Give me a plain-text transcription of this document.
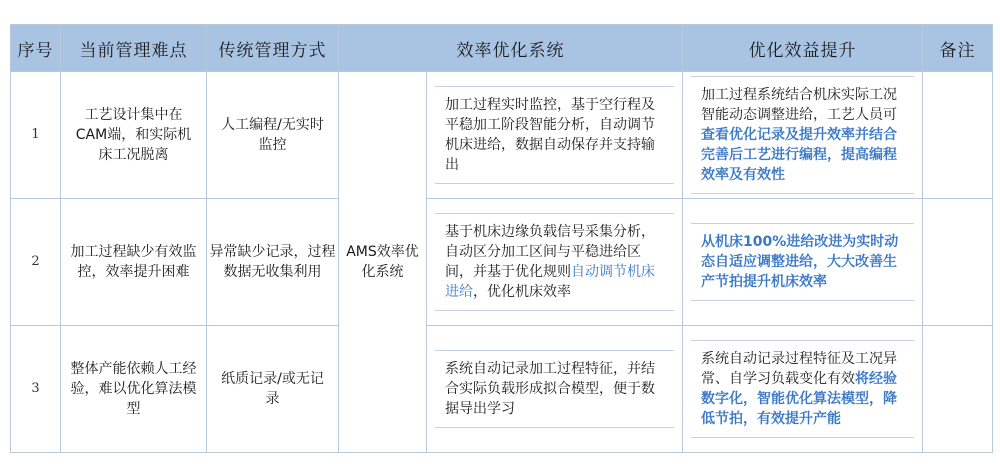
序号	当前管理难点	传统管理方式	效率优化系统		优化效益提升	备注
1	工艺设计集中在CAM端，和实际机床工况脱离	人工编程/无实时监控	AMS效率优化系统	加工过程实时监控，基于空行程及平稳加工阶段智能分析，自动调节机床进给，数据自动保存并支持输出	加工过程系统结合机床实际工况智能动态调整进给，工艺人员可查看优化记录及提升效率并结合完善后工艺进行编程，提高编程效率及有效性	

2	加工过程缺少有效监控，效率提升困难	异常缺少记录，过程数据无收集利用		基于机床边缘负载信号采集分析，自动区分加工区间与平稳进给区间，并基于优化规则自动调节机床进给，优化机床效率	从机床100%进给改进为实时动态自适应调整进给，大大改善生产节拍提升机床效率	

3	整体产能依赖人工经验，难以优化算法模型	纸质记录/或无记录		系统自动记录加工过程特征，并结合实际负载形成拟合模型，便于数据导出学习	系统自动记录过程特征及工况异常、自学习负载变化有效将经验数字化，智能优化算法模型，降低节拍，有效提升产能	
